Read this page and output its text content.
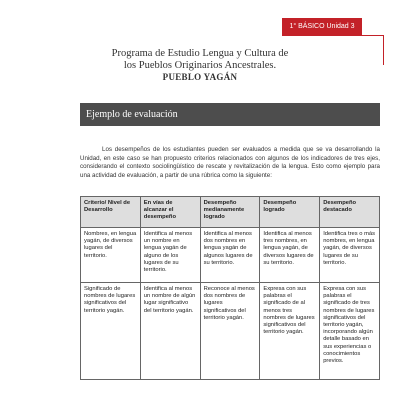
1° BÁSICO Unidad 3
Programa de Estudio Lengua y Cultura de
los Pueblos Originarios Ancestrales.
PUEBLO YAGÁN
Ejemplo de evaluación
Los desempeños de los estudiantes pueden ser evaluados a medida que se va desarrollando la Unidad, en este caso se han propuesto criterios relacionados con algunos de los indicadores de tres ejes, considerando el contexto sociolingüístico de rescate y revitalización de la lengua. Esto como ejemplo para una actividad de evaluación, a partir de una rúbrica como la siguiente:
Criterio/ Nivel de Desarrollo	En vías de alcanzar el desempeño	Desempeño medianamente logrado	Desempeño logrado	Desempeño destacado
Nombres, en lengua yagán, de diversos lugares del territorio.	Identifica al menos un nombre en lengua yagán de alguno de los lugares de su territorio.	Identifica al menos dos nombres en lengua yagán de algunos lugares de su territorio.	Identifica al menos tres nombres, en lengua yagán, de diversos lugares de su territorio.	Identifica tres o más nombres, en lengua yagán, de diversos lugares de su territorio.
Significado de nombres de lugares significativos del territorio yagán.	Identifica al menos un nombre de algún lugar significativo del territorio yagán.	Reconoce al menos dos nombres de lugares significativos del territorio yagán.	Expresa con sus palabras el significado de al menos tres nombres de lugares significativos del territorio yagán.	Expresa con sus palabras el significado de tres nombres de lugares significativos del territorio yagán, incorporando algún detalle basado en sus experiencias o conocimientos previos.
